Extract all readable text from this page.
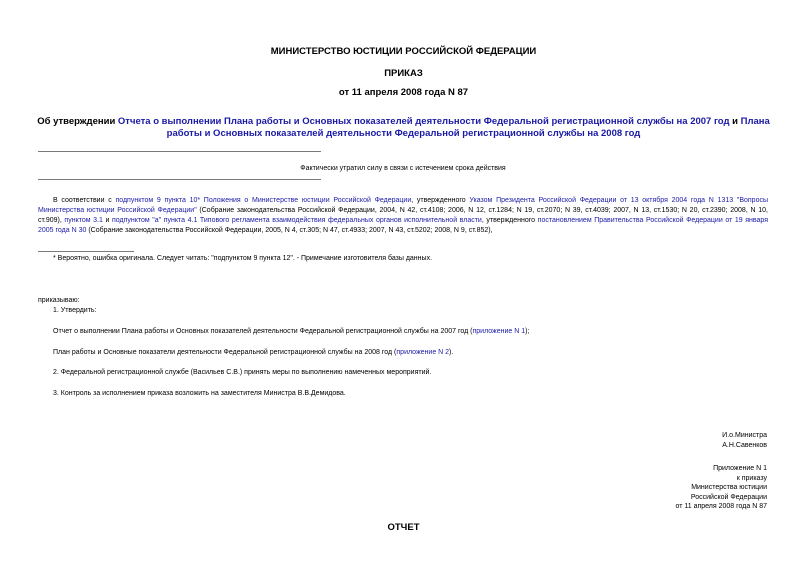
МИНИСТЕРСТВО ЮСТИЦИИ РОССИЙСКОЙ ФЕДЕРАЦИИ
ПРИКАЗ
от 11 апреля 2008 года N 87
Об утверждении Отчета о выполнении Плана работы и Основных показателей деятельности Федеральной регистрационной службы на 2007 год и Плана работы и Основных показателей деятельности Федеральной регистрационной службы на 2008 год
Фактически утратил силу в связи с истечением срока действия
В соответствии с подпунктом 9 пункта 10* Положения о Министерстве юстиции Российской Федерации, утвержденного Указом Президента Российской Федерации от 13 октября 2004 года N 1313 "Вопросы Министерства юстиции Российской Федерации" (Собрание законодательства Российской Федерации, 2004, N 42, ст.4108; 2006, N 12, ст.1284; N 19, ст.2070; N 39, ст.4039; 2007, N 13, ст.1530; N 20, ст.2390; 2008, N 10, ст.909), пунктом 3.1 и подпунктом "а" пункта 4.1 Типового регламента взаимодействия федеральных органов исполнительной власти, утвержденного постановлением Правительства Российской Федерации от 19 января 2005 года N 30 (Собрание законодательства Российской Федерации, 2005, N 4, ст.305; N 47, ст.4933; 2007, N 43, ст.5202; 2008, N 9, ст.852),
* Вероятно, ошибка оригинала. Следует читать: "подпунктом 9 пункта 12". - Примечание изготовителя базы данных.
приказываю:
1. Утвердить:
Отчет о выполнении Плана работы и Основных показателей деятельности Федеральной регистрационной службы на 2007 год (приложение N 1);
План работы и Основные показатели деятельности Федеральной регистрационной службы на 2008 год (приложение N 2).
2. Федеральной регистрационной службе (Васильев С.В.) принять меры по выполнению намеченных мероприятий.
3. Контроль за исполнением приказа возложить на заместителя Министра В.В.Демидова.
И.о.Министра
А.Н.Савенков
Приложение N 1
к приказу
Министерства юстиции
Российской Федерации
от 11 апреля 2008 года N 87
ОТЧЕТ
